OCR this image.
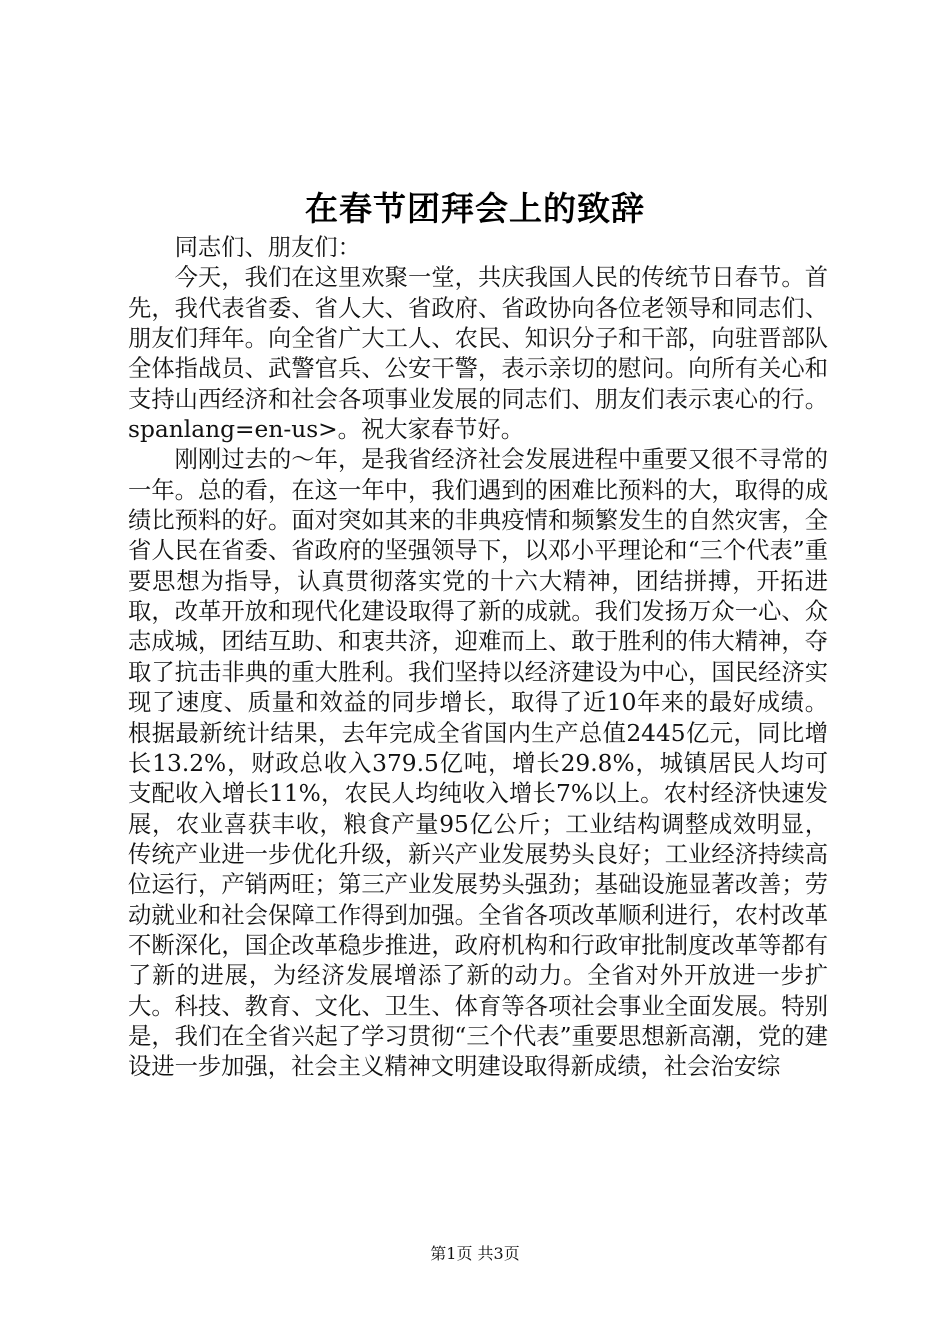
在春节团拜会上的致辞

同志们、朋友们：

今天，我们在这里欢聚一堂，共庆我国人民的传统节日春节。首先，我代表省委、省人大、省政府、省政协向各位老领导和同志们、朋友们拜年。向全省广大工人、农民、知识分子和干部，向驻晋部队全体指战员、武警官兵、公安干警，表示亲切的慰问。向所有关心和支持山西经济和社会各项事业发展的同志们、朋友们表示衷心的行。spanlang=en-us>。祝大家春节好。

刚刚过去的～年，是我省经济社会发展进程中重要又很不寻常的一年。总的看，在这一年中，我们遇到的困难比预料的大，取得的成绩比预料的好。面对突如其来的非典疫情和频繁发生的自然灾害，全省人民在省委、省政府的坚强领导下，以邓小平理论和“三个代表”重要思想为指导，认真贯彻落实党的十六大精神，团结拼搏，开拓进取，改革开放和现代化建设取得了新的成就。我们发扬万众一心、众志成城，团结互助、和衷共济，迎难而上、敢于胜利的伟大精神，夺取了抗击非典的重大胜利。我们坚持以经济建设为中心，国民经济实现了速度、质量和效益的同步增长，取得了近10年来的最好成绩。根据最新统计结果，去年完成全省国内生产总值2445亿元，同比增长13.2%，财政总收入379.5亿吨，增长29.8%，城镇居民人均可支配收入增长11%，农民人均纯收入增长7%以上。农村经济快速发展，农业喜获丰收，粮食产量95亿公斤；工业结构调整成效明显，传统产业进一步优化升级，新兴产业发展势头良好；工业经济持续高位运行，产销两旺；第三产业发展势头强劲；基础设施显著改善；劳动就业和社会保障工作得到加强。全省各项改革顺利进行，农村改革不断深化，国企改革稳步推进，政府机构和行政审批制度改革等都有了新的进展，为经济发展增添了新的动力。全省对外开放进一步扩大。科技、教育、文化、卫生、体育等各项社会事业全面发展。特别是，我们在全省兴起了学习贯彻“三个代表”重要思想新高潮，党的建设进一步加强，社会主义精神文明建设取得新成绩，社会治安综

第1页 共3页
